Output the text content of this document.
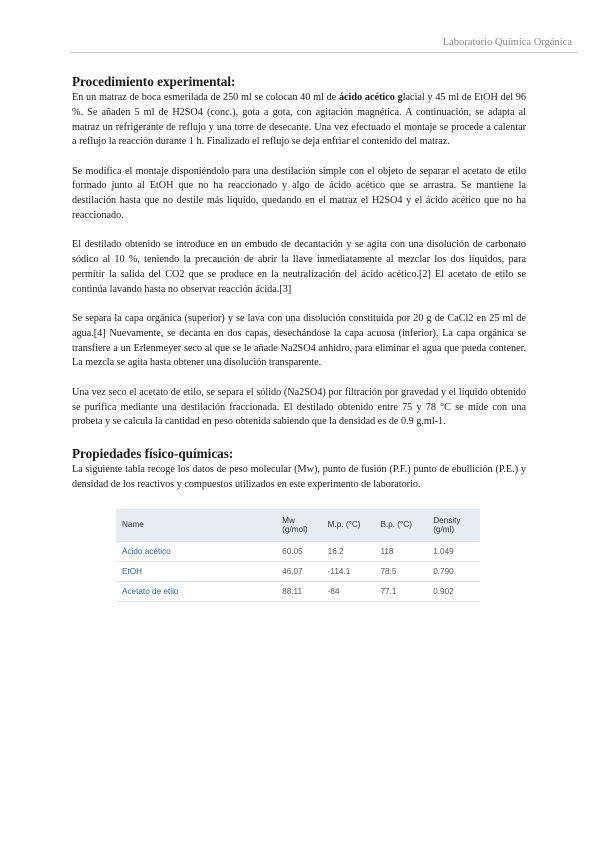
Laboratorio Química Orgánica
Procedimiento experimental:

En un matraz de boca esmerilada de 250 ml se colocan 40 ml de ácido acético glacial y 45 ml de EtOH del 96 %. Se añaden 5 ml de H2SO4 (conc.), gota a gota, con agitación magnética. A continuación, se adapta al matraz un refrigerante de reflujo y una torre de desecante. Una vez efectuado el montaje se procede a calentar a reflujo la reacción durante 1 h. Finalizado el reflujo se deja enfriar el contenido del matraz.

Se modifica el montaje disponiéndolo para una destilación simple con el objeto de separar el acetato de etilo formado junto al EtOH que no ha reaccionado y algo de ácido acético que se arrastra. Se mantiene la destilación hasta que no destile más líquido, quedando en el matraz el H2SO4 y el ácido acético que no ha reaccionado.

El destilado obtenido se introduce en un embudo de decantación y se agita con una disolución de carbonato sódico al 10 %, teniendo la precaución de abrir la llave inmediatamente al mezclar los dos líquidos, para permitir la salida del CO2 que se produce en la neutralización del ácido acético.[2] El acetato de etilo se continúa lavando hasta no observar reacción ácida.[3]

Se separa la capa orgánica (superior) y se lava con una disolución constituida por 20 g de CaCl2 en 25 ml de agua.[4] Nuevamente, se decanta en dos capas, desechándose la capa acuosa (inferior). La capa orgánica se transfiere a un Erlenmeyer seco al que se le añade Na2SO4 anhidro, para eliminar el agua que pueda contener. La mezcla se agita hasta obtener una disolución transparente.

Una vez seco el acetato de etilo, se separa el sólido (Na2SO4) por filtración por gravedad y el líquido obtenido se purifica mediante una destilación fraccionada. El destilado obtenido entre 75 y 78 °C se mide con una probeta y se calcula la cantidad en peso obtenida sabiendo que la densidad es de 0.9 g.ml-1.

Propiedades físico-químicas:

La siguiente tabla recoge los datos de peso molecular (Mw), punto de fusión (P.F.) punto de ebullición (P.E.) y densidad de los reactivos y compuestos utilizados en este experimento de laboratorio.

Name	Mw (g/mol)	M.p. (°C)	B.p. (°C)	Density (g/ml)
Ácido acético	60.05	16.2	118	1.049
EtOH	46.07	-114.1	78.5	0.790
Acetato de etilo	88.11	-84	77.1	0.902
